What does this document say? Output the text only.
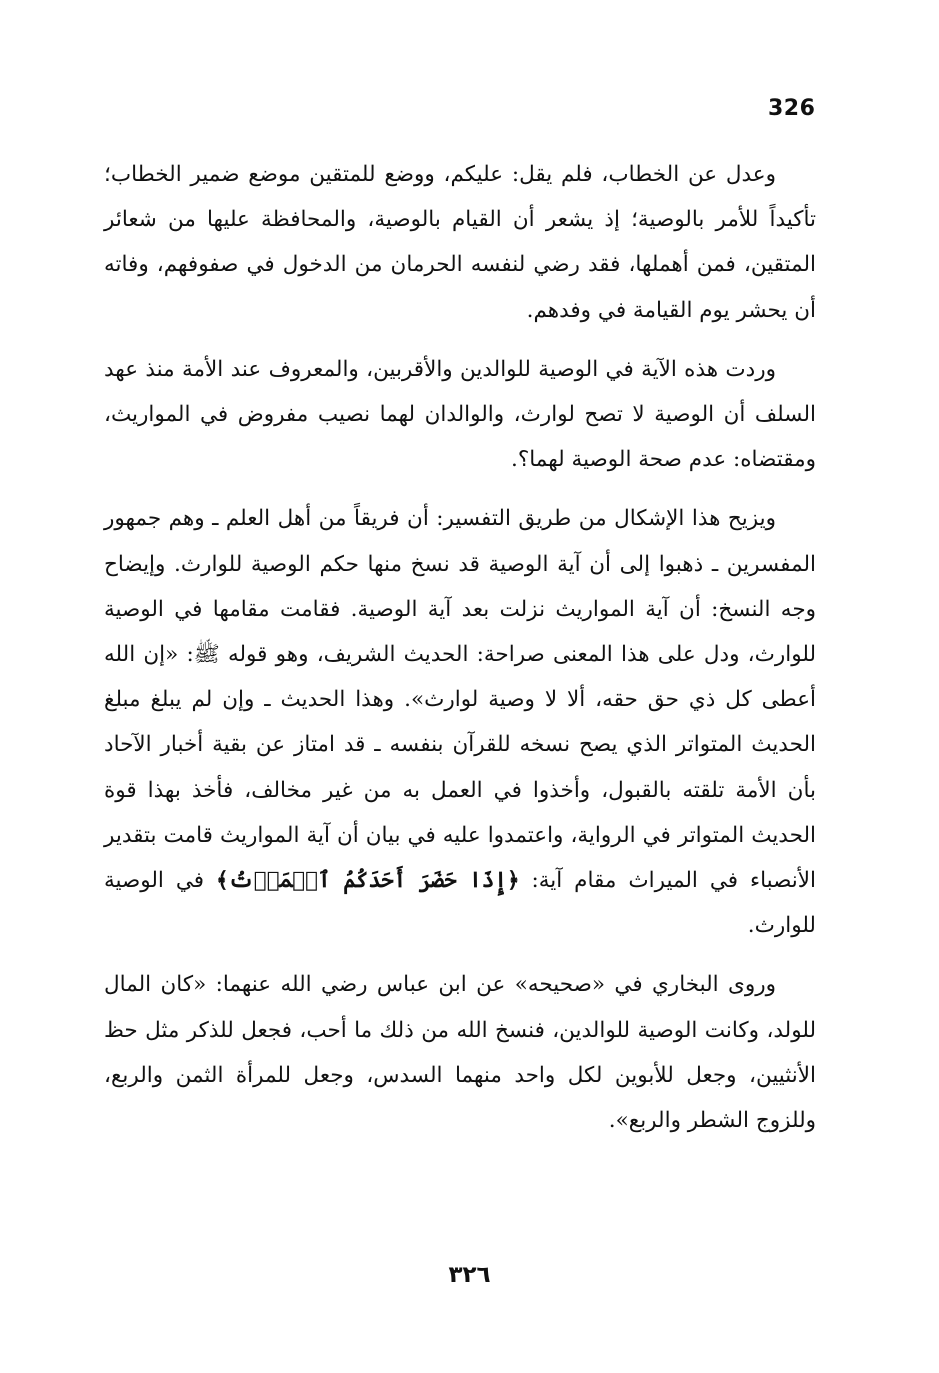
326

وعدل عن الخطاب، فلم يقل: عليكم، ووضع للمتقين موضع ضمير الخطاب؛ تأكيداً للأمر بالوصية؛ إذ يشعر أن القيام بالوصية، والمحافظة عليها من شعائر المتقين، فمن أهملها، فقد رضي لنفسه الحرمان من الدخول في صفوفهم، وفاته أن يحشر يوم القيامة في وفدهم.

وردت هذه الآية في الوصية للوالدين والأقربين، والمعروف عند الأمة منذ عهد السلف أن الوصية لا تصح لوارث، والوالدان لهما نصيب مفروض في المواريث، ومقتضاه: عدم صحة الوصية لهما؟.

ويزيح هذا الإشكال من طريق التفسير: أن فريقاً من أهل العلم ـ وهم جمهور المفسرين ـ ذهبوا إلى أن آية الوصية قد نسخ منها حكم الوصية للوارث. وإيضاح وجه النسخ: أن آية المواريث نزلت بعد آية الوصية. فقامت مقامها في الوصية للوارث، ودل على هذا المعنى صراحة: الحديث الشريف، وهو قوله ﷺ: «إن الله أعطى كل ذي حق حقه، ألا لا وصية لوارث». وهذا الحديث ـ وإن لم يبلغ مبلغ الحديث المتواتر الذي يصح نسخه للقرآن بنفسه ـ قد امتاز عن بقية أخبار الآحاد بأن الأمة تلقته بالقبول، وأخذوا في العمل به من غير مخالف، فأخذ بهذا قوة الحديث المتواتر في الرواية، واعتمدوا عليه في بيان أن آية المواريث قامت بتقدير الأنصباء في الميراث مقام آية: ﴿إِذَا حَضَرَ أَحَدَكُمُ ٱلۡمَوۡتُ﴾ في الوصية للوارث.

وروى البخاري في «صحيحه» عن ابن عباس رضي الله عنهما: «كان المال للولد، وكانت الوصية للوالدين، فنسخ الله من ذلك ما أحب، فجعل للذكر مثل حظ الأنثيين، وجعل للأبوين لكل واحد منهما السدس، وجعل للمرأة الثمن والربع، وللزوج الشطر والربع».

٣٢٦
